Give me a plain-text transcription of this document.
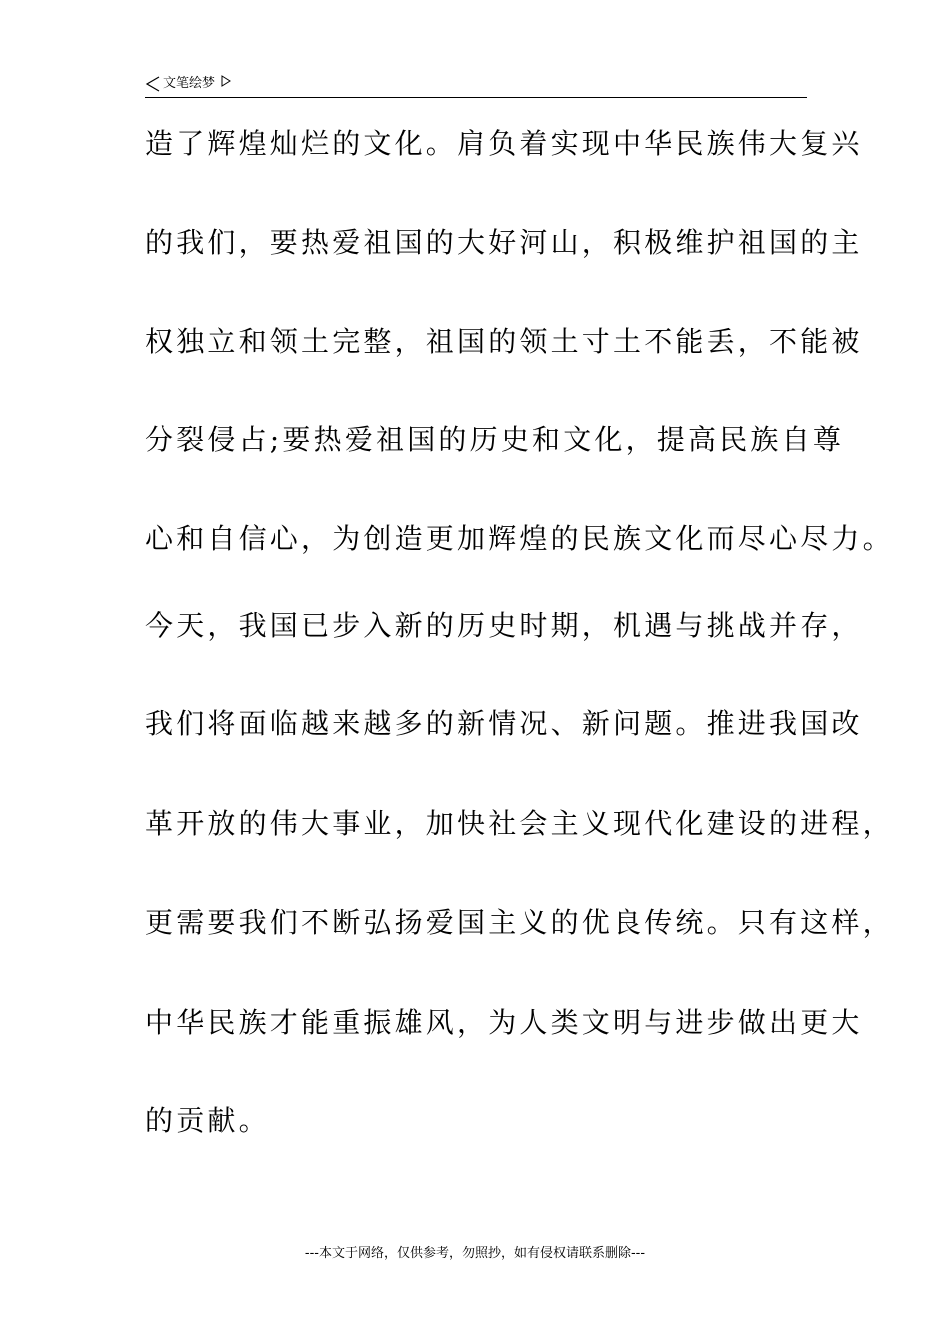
文笔绘梦

造了辉煌灿烂的文化。肩负着实现中华民族伟大复兴

的我们，要热爱祖国的大好河山，积极维护祖国的主

权独立和领土完整，祖国的领土寸土不能丢，不能被

分裂侵占;要热爱祖国的历史和文化，提高民族自尊

心和自信心，为创造更加辉煌的民族文化而尽心尽力。

今天，我国已步入新的历史时期，机遇与挑战并存，

我们将面临越来越多的新情况、新问题。推进我国改

革开放的伟大事业，加快社会主义现代化建设的进程，

更需要我们不断弘扬爱国主义的优良传统。只有这样，

中华民族才能重振雄风，为人类文明与进步做出更大

的贡献。

---本文于网络，仅供参考，勿照抄，如有侵权请联系删除---
